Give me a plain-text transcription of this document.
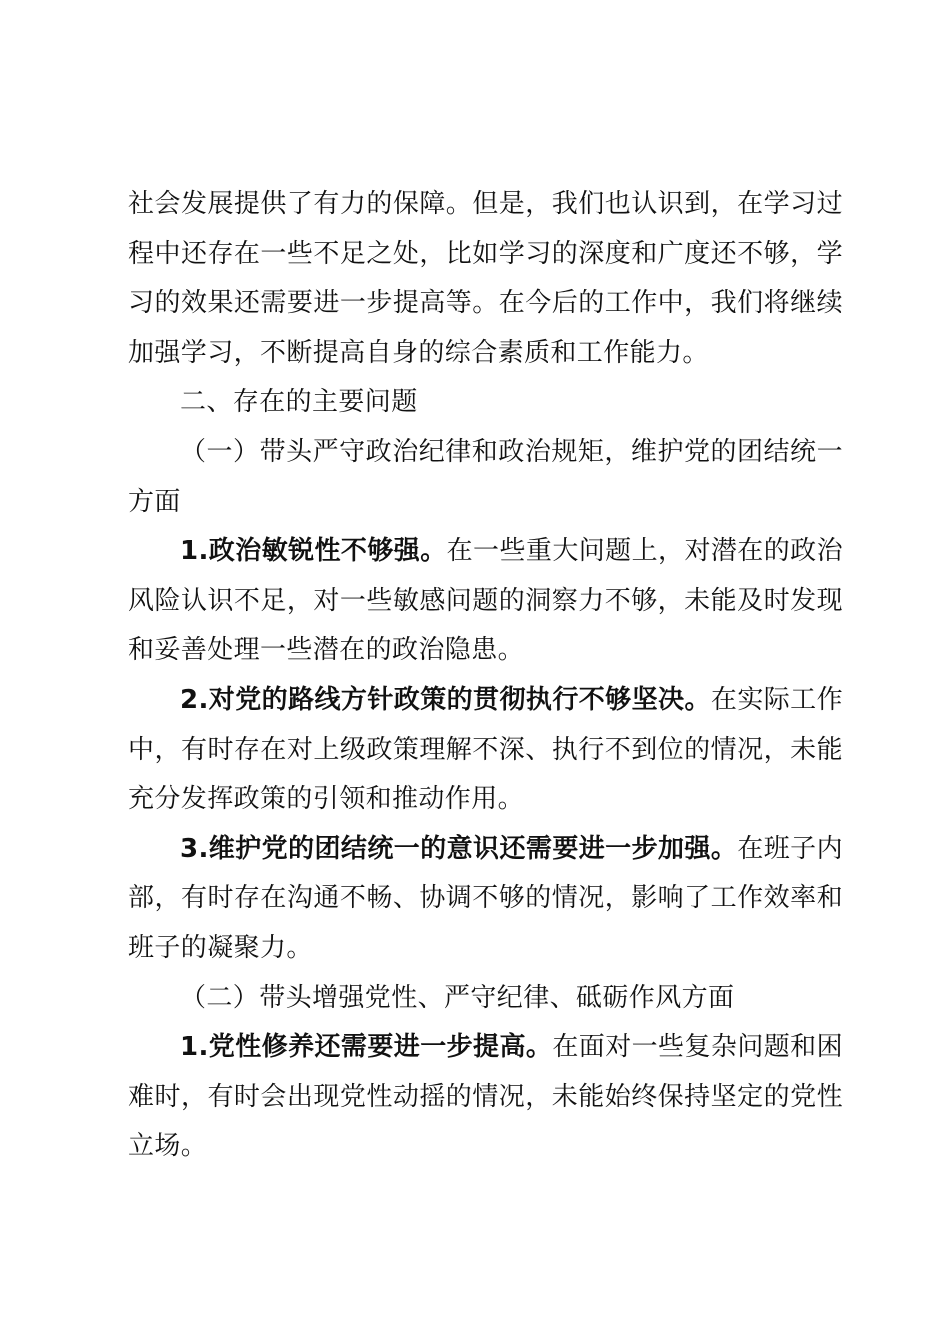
社会发展提供了有力的保障。但是，我们也认识到，在学习过程中还存在一些不足之处，比如学习的深度和广度还不够，学习的效果还需要进一步提高等。在今后的工作中，我们将继续加强学习，不断提高自身的综合素质和工作能力。

二、存在的主要问题

（一）带头严守政治纪律和政治规矩，维护党的团结统一方面

1.政治敏锐性不够强。在一些重大问题上，对潜在的政治风险认识不足，对一些敏感问题的洞察力不够，未能及时发现和妥善处理一些潜在的政治隐患。

2.对党的路线方针政策的贯彻执行不够坚决。在实际工作中，有时存在对上级政策理解不深、执行不到位的情况，未能充分发挥政策的引领和推动作用。

3.维护党的团结统一的意识还需要进一步加强。在班子内部，有时存在沟通不畅、协调不够的情况，影响了工作效率和班子的凝聚力。

（二）带头增强党性、严守纪律、砥砺作风方面

1.党性修养还需要进一步提高。在面对一些复杂问题和困难时，有时会出现党性动摇的情况，未能始终保持坚定的党性立场。
